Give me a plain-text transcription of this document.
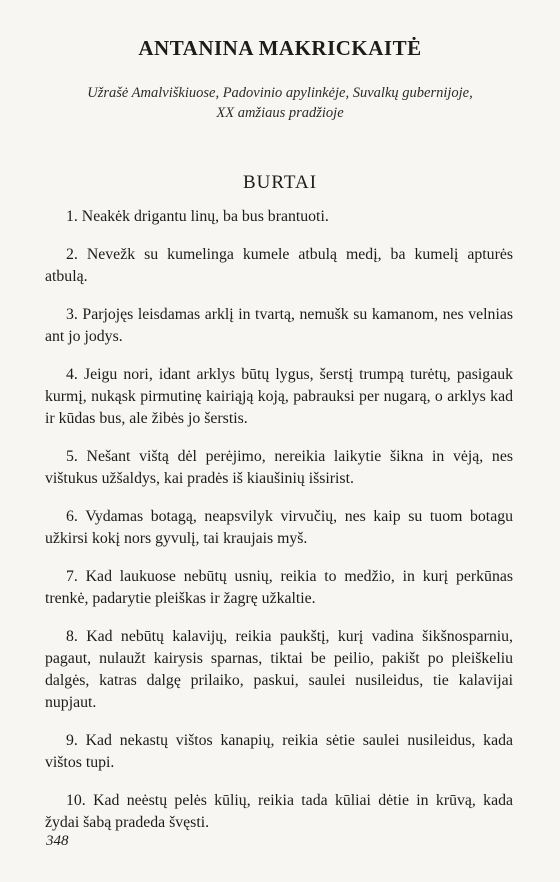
ANTANINA MAKRICKAITĖ
Užrašė Amalviškiuose, Padovinio apylinkėje, Suvalkų gubernijoje,
XX amžiaus pradžioje
BURTAI

1. Neakėk drigantu linų, ba bus brantuoti.

2. Nevežk su kumelinga kumele atbulą medį, ba kumelį apturės atbulą.

3. Parjojęs leisdamas arklį in tvartą, nemušk su kamanom, nes velnias ant jo jodys.

4. Jeigu nori, idant arklys būtų lygus, šerstį trumpą turėtų, pasigauk kurmį, nukąsk pirmutinę kairiąją koją, pabrauksi per nugarą, o arklys kad ir kūdas bus, ale žibės jo šerstis.

5. Nešant vištą dėl perėjimo, nereikia laikytie šikna in vėją, nes vištukus užšaldys, kai pradės iš kiaušinių išsirist.

6. Vydamas botagą, neapsvilyk virvučių, nes kaip su tuom botagu užkirsi kokį nors gyvulį, tai kraujais myš.

7. Kad laukuose nebūtų usnių, reikia to medžio, in kurį perkūnas trenkė, padarytie pleiškas ir žagrę užkaltie.

8. Kad nebūtų kalavijų, reikia paukštį, kurį vadina šikšnosparniu, pagaut, nulaužt kairysis sparnas, tiktai be peilio, pakišt po pleiškeliu dalgės, katras dalgę prilaiko, paskui, saulei nusileidus, tie kalavijai nupjaut.

9. Kad nekastų vištos kanapių, reikia sėtie saulei nusileidus, kada vištos tupi.

10. Kad neėstų pelės kūlių, reikia tada kūliai dėtie in krūvą, kada žydai šabą pradeda švęsti.

348
